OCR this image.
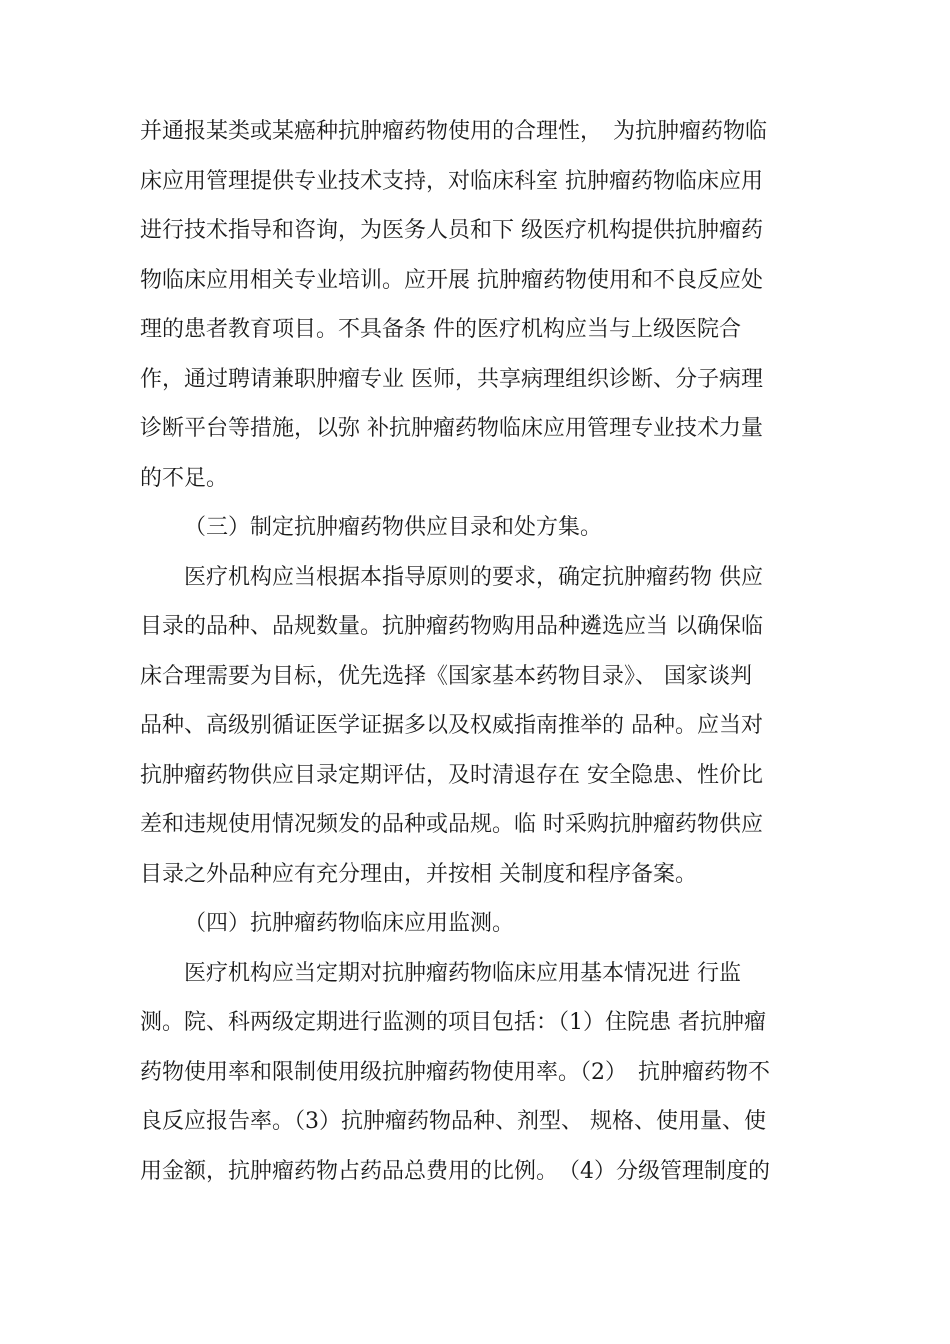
并通报某类或某癌种抗肿瘤药物使用的合理性，　为抗肿瘤药物临
床应用管理提供专业技术支持，对临床科室 抗肿瘤药物临床应用
进行技术指导和咨询，为医务人员和下 级医疗机构提供抗肿瘤药
物临床应用相关专业培训。应开展 抗肿瘤药物使用和不良反应处
理的患者教育项目。不具备条 件的医疗机构应当与上级医院合
作，通过聘请兼职肿瘤专业 医师，共享病理组织诊断、分子病理
诊断平台等措施，以弥 补抗肿瘤药物临床应用管理专业技术力量
的不足。
（三）制定抗肿瘤药物供应目录和处方集。
医疗机构应当根据本指导原则的要求，确定抗肿瘤药物 供应
目录的品种、品规数量。抗肿瘤药物购用品种遴选应当 以确保临
床合理需要为目标，优先选择《国家基本药物目录》、 国家谈判
品种、高级别循证医学证据多以及权威指南推举的 品种。应当对
抗肿瘤药物供应目录定期评估，及时清退存在 安全隐患、性价比
差和违规使用情况频发的品种或品规。临 时采购抗肿瘤药物供应
目录之外品种应有充分理由，并按相 关制度和程序备案。
（四）抗肿瘤药物临床应用监测。
医疗机构应当定期对抗肿瘤药物临床应用基本情况进 行监
测。院、科两级定期进行监测的项目包括：（1）住院患 者抗肿瘤
药物使用率和限制使用级抗肿瘤药物使用率。（2）　抗肿瘤药物不
良反应报告率。（3）抗肿瘤药物品种、剂型、 规格、使用量、使
用金额，抗肿瘤药物占药品总费用的比例。　（4）分级管理制度的
